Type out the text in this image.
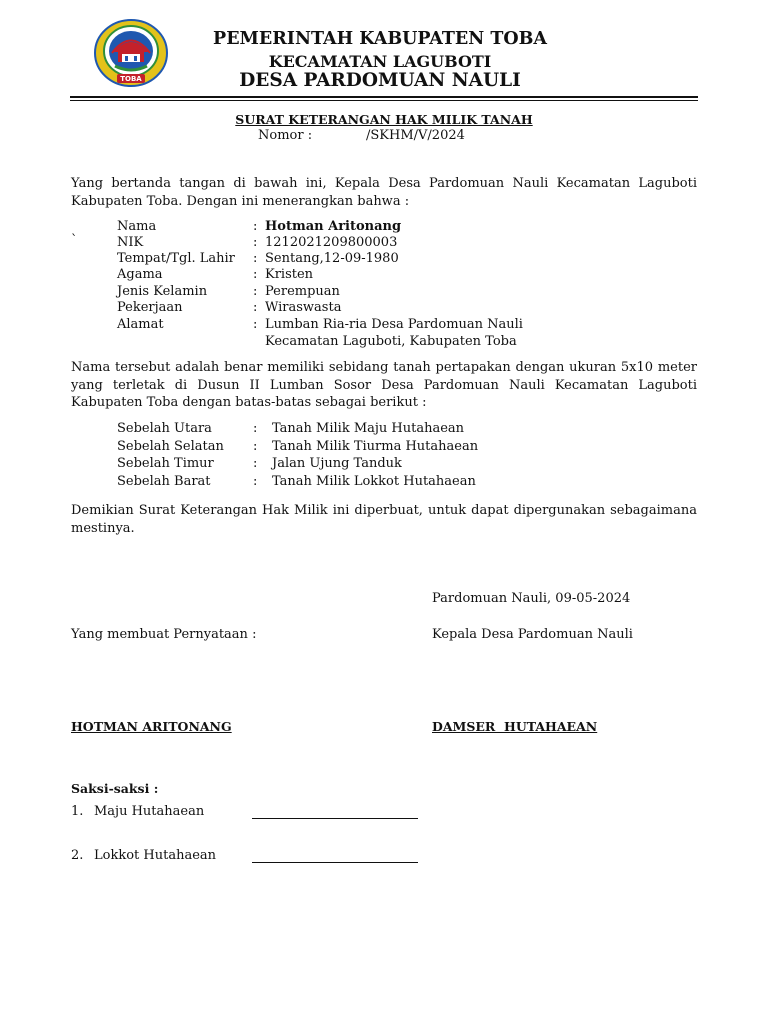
TOBA
PEMERINTAH KABUPATEN TOBA
KECAMATAN LAGUBOTI
DESA PARDOMUAN NAULI
SURAT KETERANGAN HAK MILIK TANAH
Nomor :	/SKHM/V/2024
Yang bertanda tangan di bawah ini, Kepala Desa Pardomuan Nauli Kecamatan Laguboti Kabupaten Toba. Dengan ini menerangkan bahwa :
`
Nama	: Hotman Aritonang
NIK	: 1212021209800003
Tempat/Tgl. Lahir : Sentang,12-09-1980
Agama	: Kristen
Jenis Kelamin	: Perempuan
Pekerjaan	: Wiraswasta
Alamat	: Lumban Ria-ria Desa Pardomuan Nauli
Kecamatan Laguboti, Kabupaten Toba
Nama tersebut adalah benar memiliki sebidang tanah pertapakan dengan ukuran 5x10 meter yang terletak di Dusun II Lumban Sosor Desa Pardomuan Nauli Kecamatan Laguboti Kabupaten Toba dengan batas-batas sebagai berikut :
Sebelah Utara	: Tanah Milik Maju Hutahaean
Sebelah Selatan : Tanah Milik Tiurma Hutahaean
Sebelah Timur	: Jalan Ujung Tanduk
Sebelah Barat	: Tanah Milik Lokkot Hutahaean
Demikian Surat Keterangan Hak Milik ini diperbuat, untuk dapat dipergunakan sebagaimana mestinya.
Pardomuan Nauli, 09-05-2024
Yang membuat Pernyataan :	Kepala Desa Pardomuan Nauli
HOTMAN ARITONANG	DAMSER  HUTAHAEAN
Saksi-saksi :
1. Maju Hutahaean
2. Lokkot Hutahaean
